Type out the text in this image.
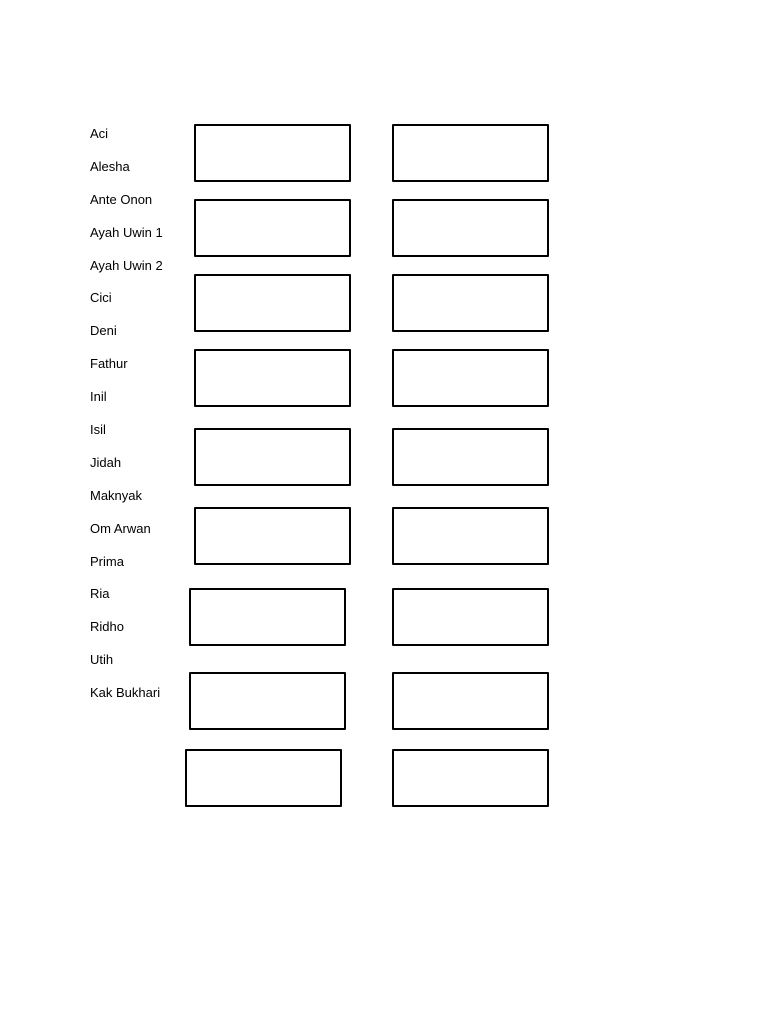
Aci
Alesha
Ante Onon
Ayah Uwin 1
Ayah Uwin 2
Cici
Deni
Fathur
Inil
Isil
Jidah
Maknyak
Om Arwan
Prima
Ria
Ridho
Utih
Kak Bukhari
